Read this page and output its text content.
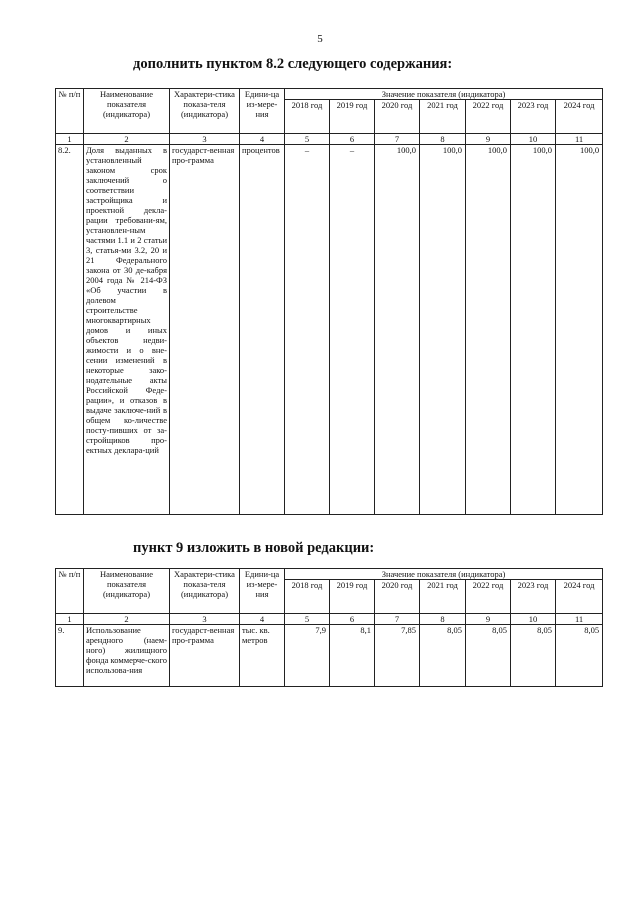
5
дополнить пунктом 8.2 следующего содержания:
№ п/п	Наименование показателя (индикатора)	Характери-стика показа-теля (индикатора)	Едини-ца из-мере-ния	Значение показателя (индикатора)						
				2018 год	2019 год	2020 год	2021 год	2022 год	2023 год	2024 год
1	2	3	4	5	6	7	8	9	10	11
8.2.	Доля выданных в установленный законом срок заключений о соответствии застройщика и проектной декла-рации требовани-ям, установлен-ным частями 1.1 и 2 статьи 3, статья-ми 3.2, 20 и 21 Федерального закона от 30 де-кабря 2004 года № 214-ФЗ «Об участии в долевом строительстве многоквартирных домов и иных объектов недви-жимости и о вне-сении изменений в некоторые зако-нодательные акты Российской Феде-рации», и отказов в выдаче заключе-ний в общем ко-личестве посту-пивших от за-стройщиков про-ектных деклара-ций	государст-венная про-грамма	процентов	–	–	100,0	100,0	100,0	100,0	100,0
пункт 9 изложить в новой редакции:
№ п/п	Наименование показателя (индикатора)	Характери-стика показа-теля (индикатора)	Едини-ца из-мере-ния	Значение показателя (индикатора)						
				2018 год	2019 год	2020 год	2021 год	2022 год	2023 год	2024 год
1	2	3	4	5	6	7	8	9	10	11
9.	Использование арендного (наем-ного) жилищного фонда коммерче-ского использова-ния	государст-венная про-грамма	тыс. кв. метров	7,9	8,1	7,85	8,05	8,05	8,05	8,05
